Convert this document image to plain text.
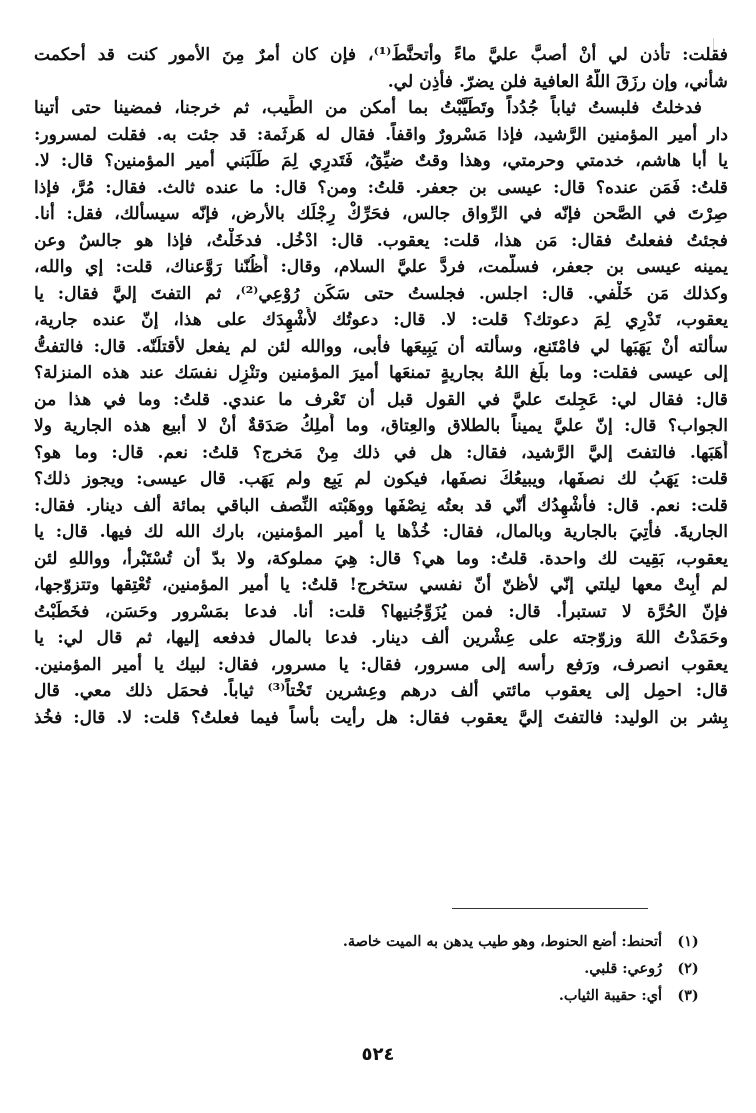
فقلت: تأذن لي أنْ أصبَّ عليَّ ماءً وأتحنَّطَ⁽¹⁾، فإن كان أمرٌ مِنَ الأمور كنت قد أحكمت
شأني، وإن رزَقَ اللّهُ العافية فلن يضرّ. فأذِن لي.
فدخلتُ فلبستُ ثياباً جُدُداً وتَطَيَّبْتُ بما أمكن من الطِّيب، ثم خرجنا، فمضينا حتى أتينا
دار أمير المؤمنين الرَّشيد، فإذا مَسْرورٌ واقفاً. فقال له هَرثَمة: قد جئت به. فقلت لمسرور:
يا أبا هاشم، خدمتي وحرمتي، وهذا وقتٌ ضيِّقٌ، فَتَدرِي لِمَ طَلَبَني أمير المؤمنين؟ قال: لا.
قلتُ: فَمَن عنده؟ قال: عيسى بن جعفر. قلتُ: ومن؟ قال: ما عنده ثالث. فقال: مُرَّ، فإذا
صِرْتَ في الصَّحن فإنّه في الرِّواق جالس، فحَرِّكْ رِجْلَك بالأرض، فإنّه سيسألك، فقل: أنا.
فجئتُ ففعلتُ فقال: مَن هذا، قلت: يعقوب. قال: ادْخُل. فدخَلْتُ، فإذا هو جالسٌ وعن
يمينه عيسى بن جعفر، فسلّمت، فردَّ عليَّ السلام، وقال: أَظُنّنا رَوَّعناك، قلت: إي والله،
وكذلك مَن خَلْفي. قال: اجلس. فجلستُ حتى سَكَن رُوْعِي⁽²⁾، ثم التفتَ إليَّ فقال: يا
يعقوب، تَدْرِي لِمَ دعوتك؟ قلت: لا. قال: دعوتُك لأُشْهِدَك على هذا، إنّ عنده جارية،
سألته أنْ يَهَبَها لي فامْتَنع، وسألته أن يَبِيعَها فأبى، ووالله لئن لم يفعل لأقتلَنّه. قال: فالتفتُّ
إلى عيسى فقلت: وما بلَغ اللهُ بجاريةٍ تمنعَها أميرَ المؤمنين وتنْزِل نفسَك عند هذه المنزلة؟
قال: فقال لي: عَجِلتَ عليَّ في القول قبل أن تَعْرف ما عندي. قلتُ: وما في هذا من
الجواب؟ قال: إنّ عليَّ يميناً بالطلاق والعِتاق، وما أَملِكُ صَدَقةٌ أنْ لا أبيع هذه الجارية ولا
أَهَبَها. فالتفتَ إليَّ الرَّشيد، فقال: هل في ذلك مِنْ مَخرج؟ قلتُ: نعم. قال: وما هو؟
قلت: يَهَبُ لك نصفَها، ويبيعُكَ نصفَها، فيكون لم يَبِع ولم يَهَب. قال عيسى: ويجوز ذلك؟
قلت: نعم. قال: فأُشْهِدُك أنّي قد بعتُه نِصْفَها ووهَبْته النِّصف الباقي بمائة ألف دينار. فقال:
الجاريةَ. فأُتِيَ بالجارية وبالمال، فقال: خُذْها يا أمير المؤمنين، بارك الله لك فيها. قال: يا
يعقوب، بَقِيت لك واحدة. قلتُ: وما هي؟ قال: هِيَ مملوكة، ولا بدّ أن تُسْتَبْرأ، وواللهِ لئن
لم أبِتْ معها ليلتي إنّي لأظنّ أنّ نفسي ستخرج! قلتُ: يا أمير المؤمنين، تُعْتِقها وتتزوّجها،
فإنّ الحُرَّة لا تستبرأ. قال: فمن يُزَوِّجُنيها؟ قلت: أنا. فدعا بمَسْرور وحَسَن، فخَطَبْتُ
وحَمَدْتُ اللهَ وزوّجته على عِشْرين ألف دينار. فدعا بالمال فدفعه إليها، ثم قال لي: يا
يعقوب انصرف، ورَفع رأسه إلى مسرور، فقال: يا مسرور، فقال: لبيك يا أمير المؤمنين.
قال: احمِل إلى يعقوب مائتي ألف درهم وعِشرين تَخْتاً⁽³⁾ ثياباً. فحمَل ذلك معي. قال
بِشر بن الوليد: فالتفتَ إليَّ يعقوب فقال: هل رأيت بأساً فيما فعلتُ؟ قلت: لا. قال: فخُذ
(١)
أتحنط: أضع الحنوط، وهو طيب يدهن به الميت خاصة.
(٢)
رُوعي: قلبي.
(٣)
أي: حقيبة الثياب.
٥٢٤
